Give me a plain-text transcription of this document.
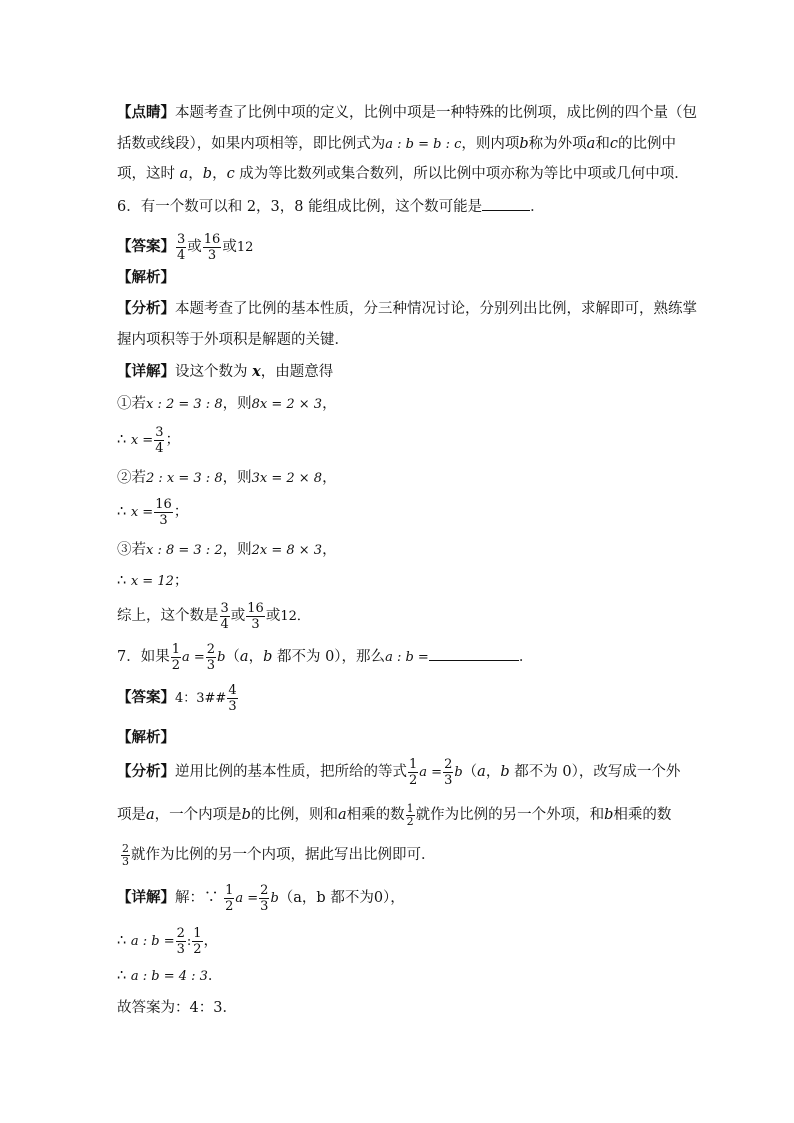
【点睛】本题考查了比例中项的定义，比例中项是一种特殊的比例项，成比例的四个量（包
括数或线段），如果内项相等，即比例式为a : b = b : c，则内项b称为外项a和c的比例中
项，这时 a，b，c 成为等比数列或集合数列，所以比例中项亦称为等比中项或几何中项．
6．有一个数可以和 2，3，8 能组成比例，这个数可能是	．
【答案】 $\frac{3}{4}$ 或 $\frac{16}{3}$ 或12
【解析】
【分析】本题考查了比例的基本性质，分三种情况讨论，分别列出比例，求解即可，熟练掌
握内项积等于外项积是解题的关键．
【详解】设这个数为 x，由题意得
①若x : 2 = 3 : 8，则8x = 2 × 3，
∴ $x = \frac{3}{4}$ ；
②若2 : x = 3 : 8，则3x = 2 × 8，
∴ $x = \frac{16}{3}$ ；
③若x : 8 = 3 : 2，则2x = 8 × 3，
∴ x = 12；
综上，这个数是 $\frac{3}{4}$ 或 $\frac{16}{3}$ 或12．
7．如果 $\frac{1}{2}$ $a = \frac{2}{3} b(a$，b 都不为 0），那么a : b =	．
【答案】4：3## $\frac{4}{3}$
【解析】
【分析】逆用比例的基本性质，把所给的等式 $\frac{1}{2}$ $a = \frac{2}{3} b(a$，b 都不为 0），改写成一个外
项是a，一个内项是b的比例，则和a相乘的数 $\frac{1}{2}$ 就作为比例的另一个外项，和b相乘的数
$\frac{2}{3}$ 就作为比例的另一个内项，据此写出比例即可．
【详解】解：∵ $\frac{1}{2}$ $a = \frac{2}{3} b(a$，b 都不为0），
∴ a : $b = \frac{2}{3}$ : $\frac{1}{2}$ ，
∴ a : b = 4 : 3．
故答案为：4：3．
